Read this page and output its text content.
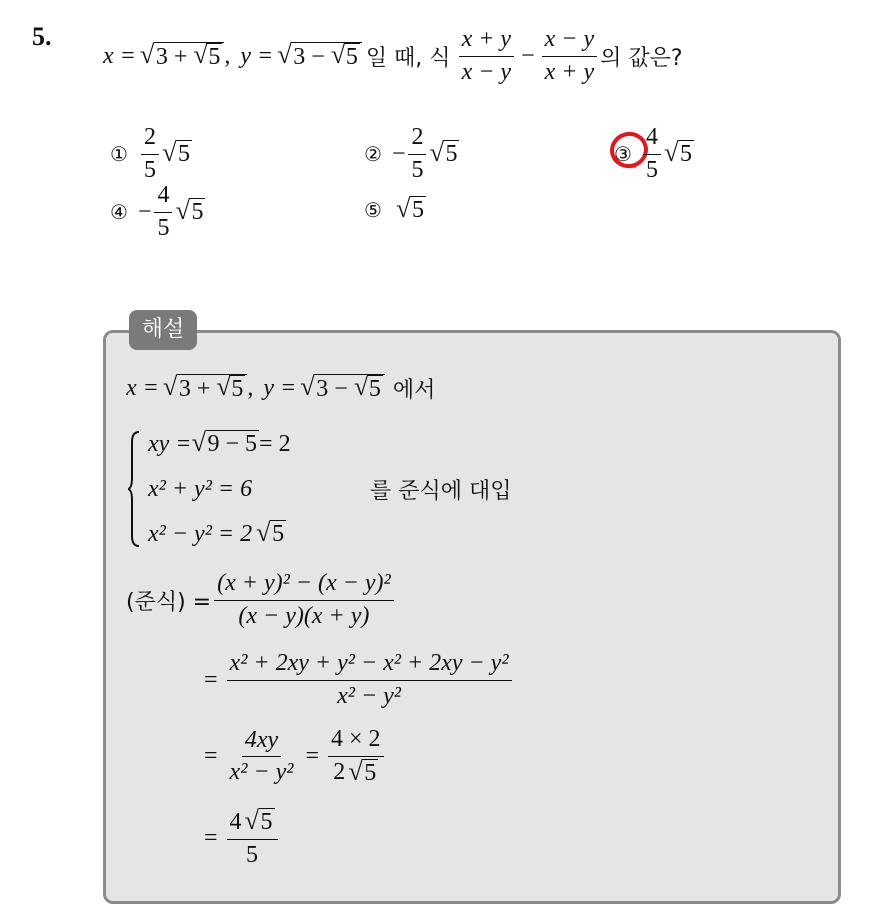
5.
x = √ 3 + √ 5 , y = √ 3 − √ 5 일 때, 식 $\frac{x + y}{x - y} - \frac{x - y}{x + y}$ 의 값은?
① $\frac{2}{5}$ √ 5	② − $\frac{2}{5}$ √ 5	③ $\frac{4}{5}$ √ 5
④ − $\frac{4}{5}$ √ 5	⑤ √ 5
해설
x = √ 3 + √ 5 , y = √ 3 − √ 5 에서
xy = √ 9 − 5 = 2
x² + y² = 6	를 준식에 대입
x² − y² = 2 √ 5
(준식) = $\frac{\text{(x + y)² − (x − y)²}}{(x - y)(x + y)}$
= $\frac{\text{x² + 2xy + y² − x² + 2xy − y²}}{\text{x² − y²}}$
= $\frac{4xy}{\text{x² − y²}} = \frac{4 \times 2}{2 √ 5}$
= $\frac{4 √ 5}{5}$
